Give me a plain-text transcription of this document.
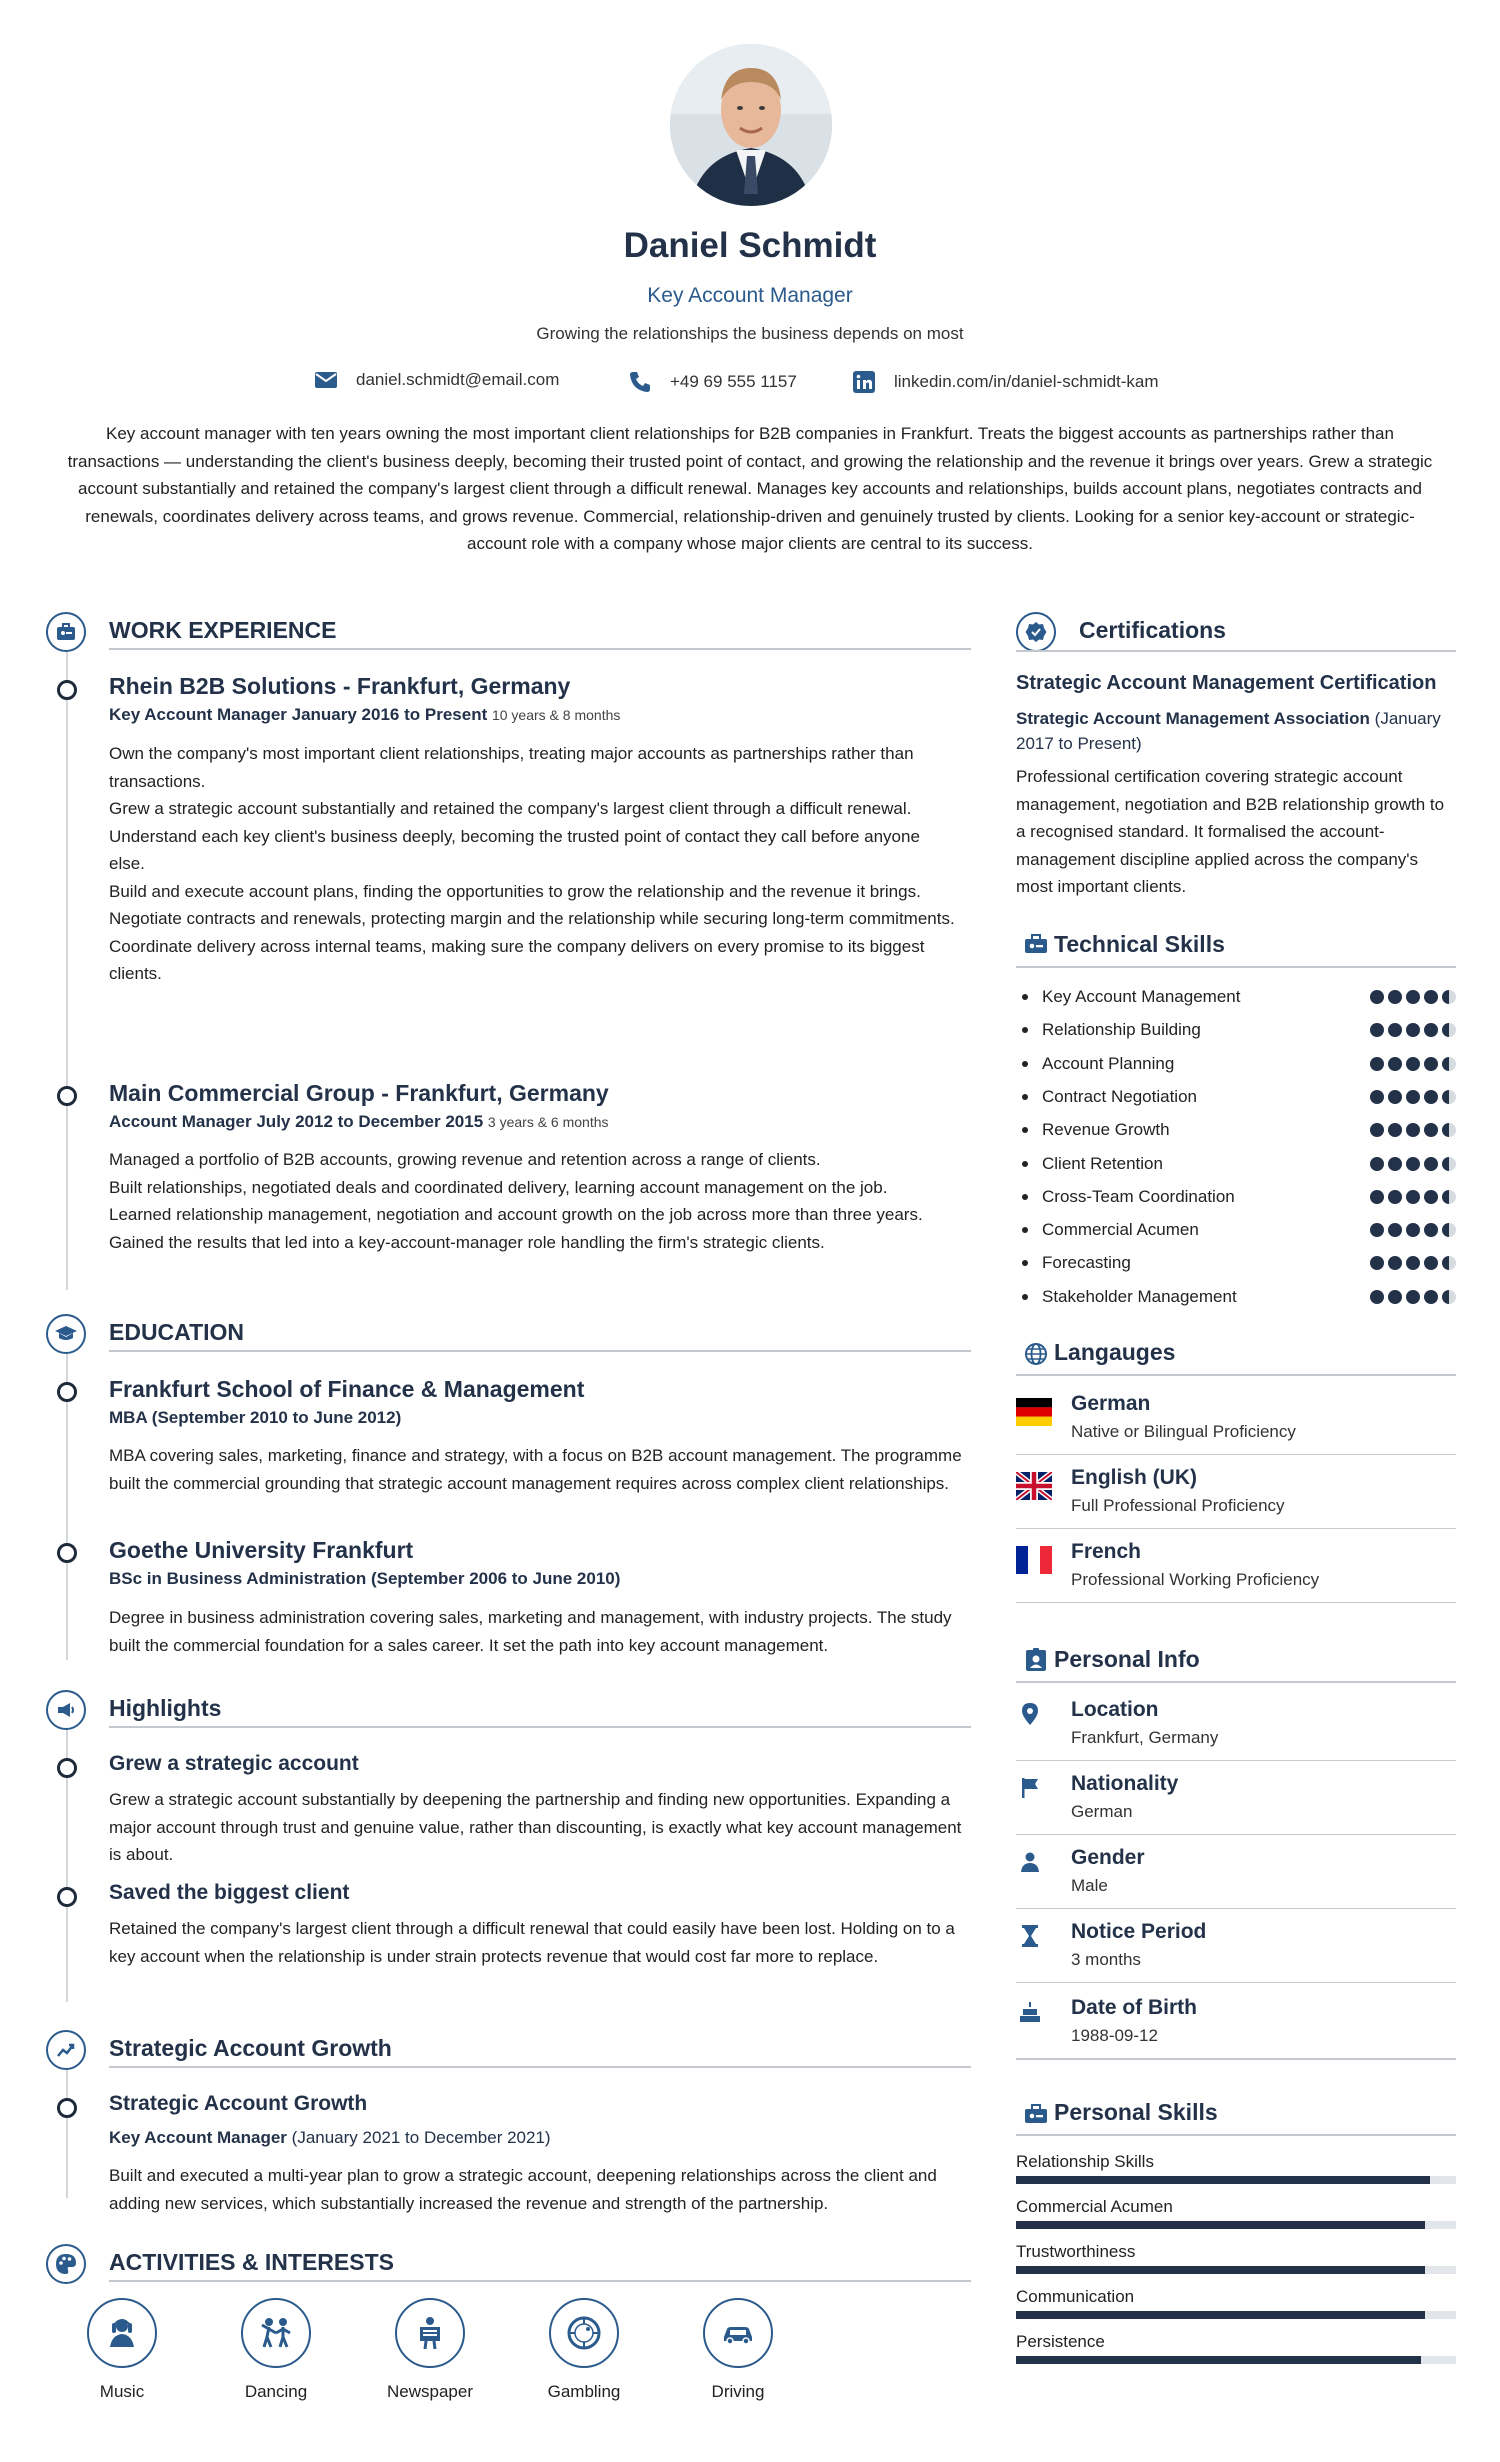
Daniel Schmidt
Key Account Manager
Growing the relationships the business depends on most
daniel.schmidt@email.com	+49 69 555 1157	linkedin.com/in/daniel-schmidt-kam
Key account manager with ten years owning the most important client relationships for B2B companies in Frankfurt. Treats the biggest accounts as partnerships rather than transactions — understanding the client's business deeply, becoming their trusted point of contact, and growing the relationship and the revenue it brings over years. Grew a strategic account substantially and retained the company's largest client through a difficult renewal. Manages key accounts and relationships, builds account plans, negotiates contracts and renewals, coordinates delivery across teams, and grows revenue. Commercial, relationship-driven and genuinely trusted by clients. Looking for a senior key-account or strategic-account role with a company whose major clients are central to its success.
WORK EXPERIENCE
Rhein B2B Solutions - Frankfurt, Germany
Key Account Manager January 2016 to Present 10 years & 8 months
Own the company's most important client relationships, treating major accounts as partnerships rather than transactions.
Grew a strategic account substantially and retained the company's largest client through a difficult renewal.
Understand each key client's business deeply, becoming the trusted point of contact they call before anyone else.
Build and execute account plans, finding the opportunities to grow the relationship and the revenue it brings.
Negotiate contracts and renewals, protecting margin and the relationship while securing long-term commitments.
Coordinate delivery across internal teams, making sure the company delivers on every promise to its biggest clients.
Main Commercial Group - Frankfurt, Germany
Account Manager July 2012 to December 2015 3 years & 6 months
Managed a portfolio of B2B accounts, growing revenue and retention across a range of clients.
Built relationships, negotiated deals and coordinated delivery, learning account management on the job.
Learned relationship management, negotiation and account growth on the job across more than three years.
Gained the results that led into a key-account-manager role handling the firm's strategic clients.
EDUCATION
Frankfurt School of Finance & Management
MBA (September 2010 to June 2012)
MBA covering sales, marketing, finance and strategy, with a focus on B2B account management. The programme built the commercial grounding that strategic account management requires across complex client relationships.
Goethe University Frankfurt
BSc in Business Administration (September 2006 to June 2010)
Degree in business administration covering sales, marketing and management, with industry projects. The study built the commercial foundation for a sales career. It set the path into key account management.
Highlights
Grew a strategic account
Grew a strategic account substantially by deepening the partnership and finding new opportunities. Expanding a major account through trust and genuine value, rather than discounting, is exactly what key account management is about.
Saved the biggest client
Retained the company's largest client through a difficult renewal that could easily have been lost. Holding on to a key account when the relationship is under strain protects revenue that would cost far more to replace.
Strategic Account Growth
Strategic Account Growth
Key Account Manager (January 2021 to December 2021)
Built and executed a multi-year plan to grow a strategic account, deepening relationships across the client and adding new services, which substantially increased the revenue and strength of the partnership.
ACTIVITIES & INTERESTS
Music	Dancing	Newspaper	Gambling	Driving
Certifications
Strategic Account Management Certification
Strategic Account Management Association (January 2017 to Present)
Professional certification covering strategic account management, negotiation and B2B relationship growth to a recognised standard. It formalised the account-management discipline applied across the company's most important clients.
Technical Skills
Key Account Management
Relationship Building
Account Planning
Contract Negotiation
Revenue Growth
Client Retention
Cross-Team Coordination
Commercial Acumen
Forecasting
Stakeholder Management
Langauges
German
Native or Bilingual Proficiency
English (UK)
Full Professional Proficiency
French
Professional Working Proficiency
Personal Info
Location
Frankfurt, Germany
Nationality
German
Gender
Male
Notice Period
3 months
Date of Birth
1988-09-12
Personal Skills
Relationship Skills
Commercial Acumen
Trustworthiness
Communication
Persistence
